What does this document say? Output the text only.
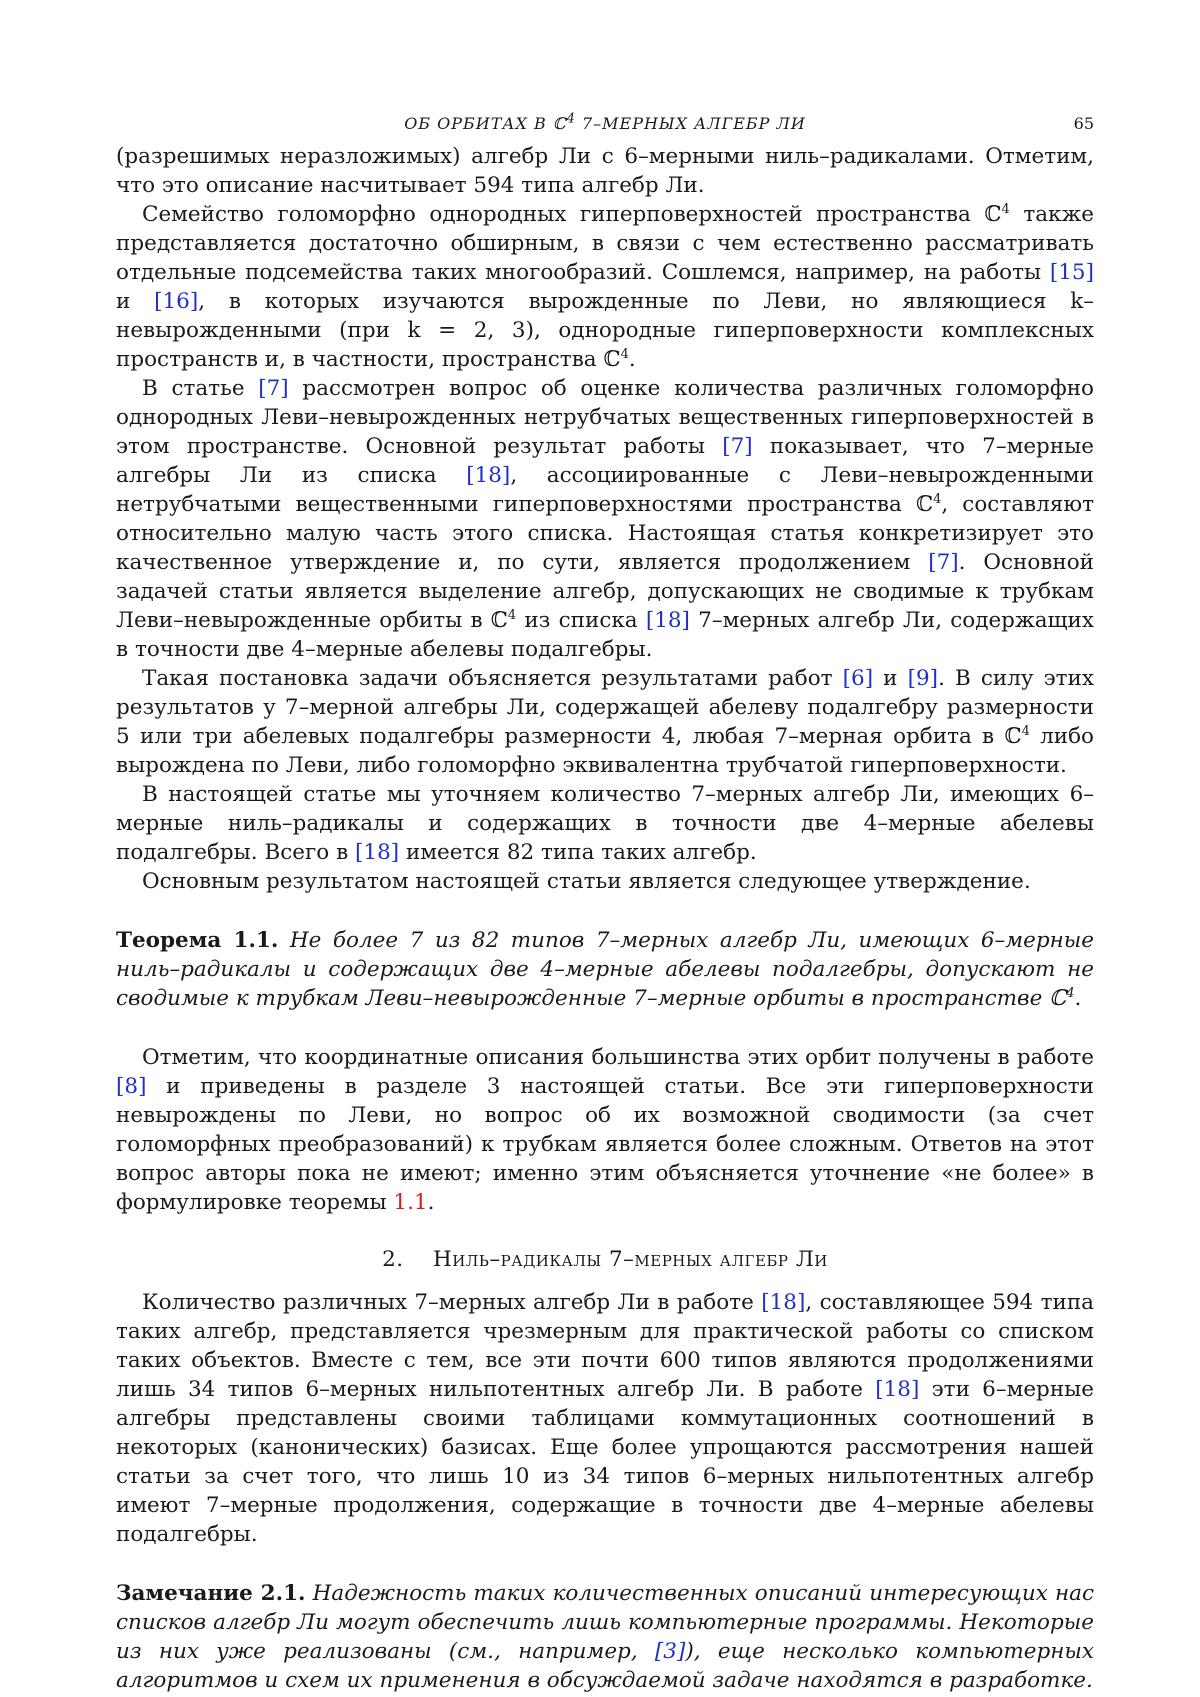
ОБ ОРБИТАХ В ℂ$^4$ 7–МЕРНЫХ АЛГЕБР ЛИ	65

(разрешимых неразложимых) алгебр Ли с 6–мерными ниль–радикалами. Отметим, что это описание насчитывает 594 типа алгебр Ли.

Семейство голоморфно однородных гиперповерхностей пространства ℂ$^4$ также представляется достаточно обширным, в связи с чем естественно рассматривать отдельные подсемейства таких многообразий. Сошлемся, например, на работы [15] и [16], в которых изучаются вырожденные по Леви, но являющиеся k–невырожденными (при k = 2, 3), однородные гиперповерхности комплексных пространств и, в частности, пространства ℂ$^4$.

В статье [7] рассмотрен вопрос об оценке количества различных голоморфно однородных Леви–невырожденных нетрубчатых вещественных гиперповерхностей в этом пространстве. Основной результат работы [7] показывает, что 7–мерные алгебры Ли из списка [18], ассоциированные с Леви–невырожденными нетрубчатыми вещественными гиперповерхностями пространства ℂ$^4$, составляют относительно малую часть этого списка. Настоящая статья конкретизирует это качественное утверждение и, по сути, является продолжением [7]. Основной задачей статьи является выделение алгебр, допускающих не сводимые к трубкам Леви–невырожденные орбиты в ℂ$^4$ из списка [18] 7–мерных алгебр Ли, содержащих в точности две 4–мерные абелевы подалгебры.

Такая постановка задачи объясняется результатами работ [6] и [9]. В силу этих результатов у 7–мерной алгебры Ли, содержащей абелеву подалгебру размерности 5 или три абелевых подалгебры размерности 4, любая 7–мерная орбита в ℂ$^4$ либо вырождена по Леви, либо голоморфно эквивалентна трубчатой гиперповерхности.

В настоящей статье мы уточняем количество 7–мерных алгебр Ли, имеющих 6–мерные ниль–радикалы и содержащих в точности две 4–мерные абелевы подалгебры. Всего в [18] имеется 82 типа таких алгебр.

Основным результатом настоящей статьи является следующее утверждение.

Теорема 1.1. Не более 7 из 82 типов 7–мерных алгебр Ли, имеющих 6–мерные ниль–радикалы и содержащих две 4–мерные абелевы подалгебры, допускают не сводимые к трубкам Леви–невырожденные 7–мерные орбиты в пространстве ℂ$^4$.

Отметим, что координатные описания большинства этих орбит получены в работе [8] и приведены в разделе 3 настоящей статьи. Все эти гиперповерхности невырождены по Леви, но вопрос об их возможной сводимости (за счет голоморфных преобразований) к трубкам является более сложным. Ответов на этот вопрос авторы пока не имеют; именно этим объясняется уточнение «не более» в формулировке теоремы 1.1.

2. Ниль–радикалы 7–мерных алгебр Ли

Количество различных 7–мерных алгебр Ли в работе [18], составляющее 594 типа таких алгебр, представляется чрезмерным для практической работы со списком таких объектов. Вместе с тем, все эти почти 600 типов являются продолжениями лишь 34 типов 6–мерных нильпотентных алгебр Ли. В работе [18] эти 6–мерные алгебры представлены своими таблицами коммутационных соотношений в некоторых (канонических) базисах. Еще более упрощаются рассмотрения нашей статьи за счет того, что лишь 10 из 34 типов 6–мерных нильпотентных алгебр имеют 7–мерные продолжения, содержащие в точности две 4–мерные абелевы подалгебры.

Замечание 2.1. Надежность таких количественных описаний интересующих нас списков алгебр Ли могут обеспечить лишь компьютерные программы. Некоторые из них уже реализованы (см., например, [3]), еще несколько компьютерных алгоритмов и схем их применения в обсуждаемой задаче находятся в разработке.
